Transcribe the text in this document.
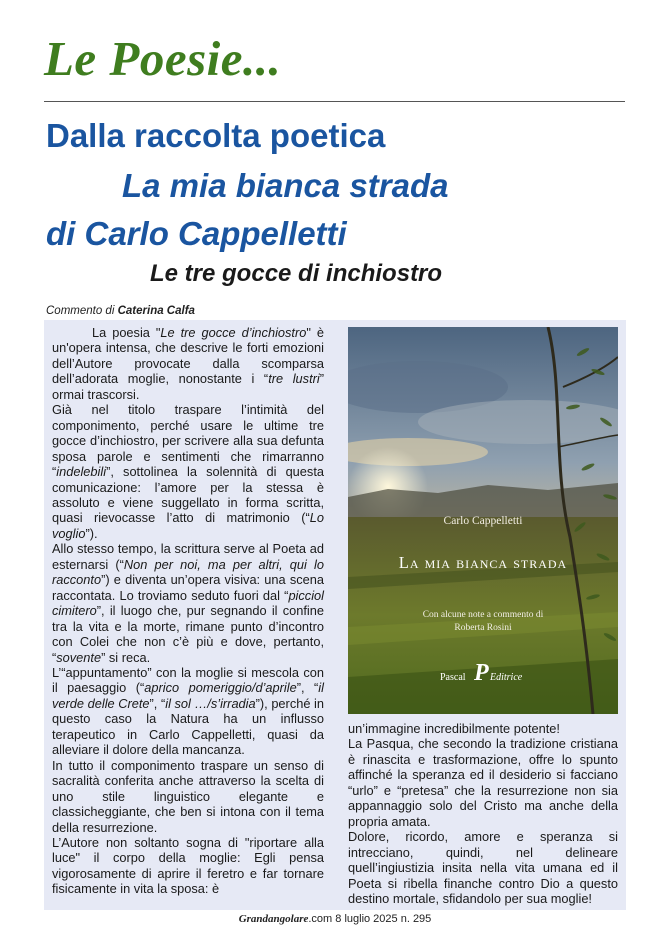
Le Poesie...
Dalla raccolta poetica
La mia bianca strada
di Carlo Cappelletti
Le tre gocce di inchiostro
Commento di Caterina Calfa

La poesia "Le tre gocce d’inchiostro" è un'opera intensa, che descrive le forti emozioni dell’Autore provocate dalla scomparsa dell’adorata moglie, nonostante i “tre lustri” ormai trascorsi.

Già nel titolo traspare l’intimità del componimento, perché usare le ultime tre gocce d’inchiostro, per scrivere alla sua defunta sposa parole e sentimenti che rimarranno “indelebili”, sottolinea la solennità di questa comunicazione: l’amore per la stessa è assoluto e viene suggellato in forma scritta, quasi rievocasse l’atto di matrimonio (“Lo voglio”).

Allo stesso tempo, la scrittura serve al Poeta ad esternarsi (“Non per noi, ma per altri, qui lo racconto”) e diventa un’opera visiva: una scena raccontata. Lo troviamo seduto fuori dal “picciol cimitero”, il luogo che, pur segnando il confine tra la vita e la morte, rimane punto d’incontro con Colei che non c’è più e dove, pertanto, “sovente” si reca.

L’“appuntamento” con la moglie si mescola con il paesaggio (“aprico pomeriggio/d’aprile”, “il verde delle Crete”, “il sol …/s’irradia”), perché in questo caso la Natura ha un influsso terapeutico in Carlo Cappelletti, quasi da alleviare il dolore della mancanza.

In tutto il componimento traspare un senso di sacralità conferita anche attraverso la scelta di uno stile linguistico elegante e classicheggiante, che ben si intona con il tema della resurrezione.

L’Autore non soltanto sogna di "riportare alla luce" il corpo della moglie: Egli pensa vigorosamente di aprire il feretro e far tornare fisicamente in vita la sposa: è

Carlo Cappelletti
La mia bianca strada
Con alcune note a commento di
Roberta Rosini
Pascal P Editrice

un’immagine incredibilmente potente!

La Pasqua, che secondo la tradizione cristiana è rinascita e trasformazione, offre lo spunto affinché la speranza ed il desiderio si facciano “urlo” e “pretesa” che la resurrezione non sia appannaggio solo del Cristo ma anche della propria amata.

Dolore, ricordo, amore e speranza si intrecciano, quindi, nel delineare quell’ingiustizia insita nella vita umana ed il Poeta si ribella finanche contro Dio a questo destino mortale, sfidandolo per sua moglie!

Grandangolare.com 8 luglio 2025 n. 295
